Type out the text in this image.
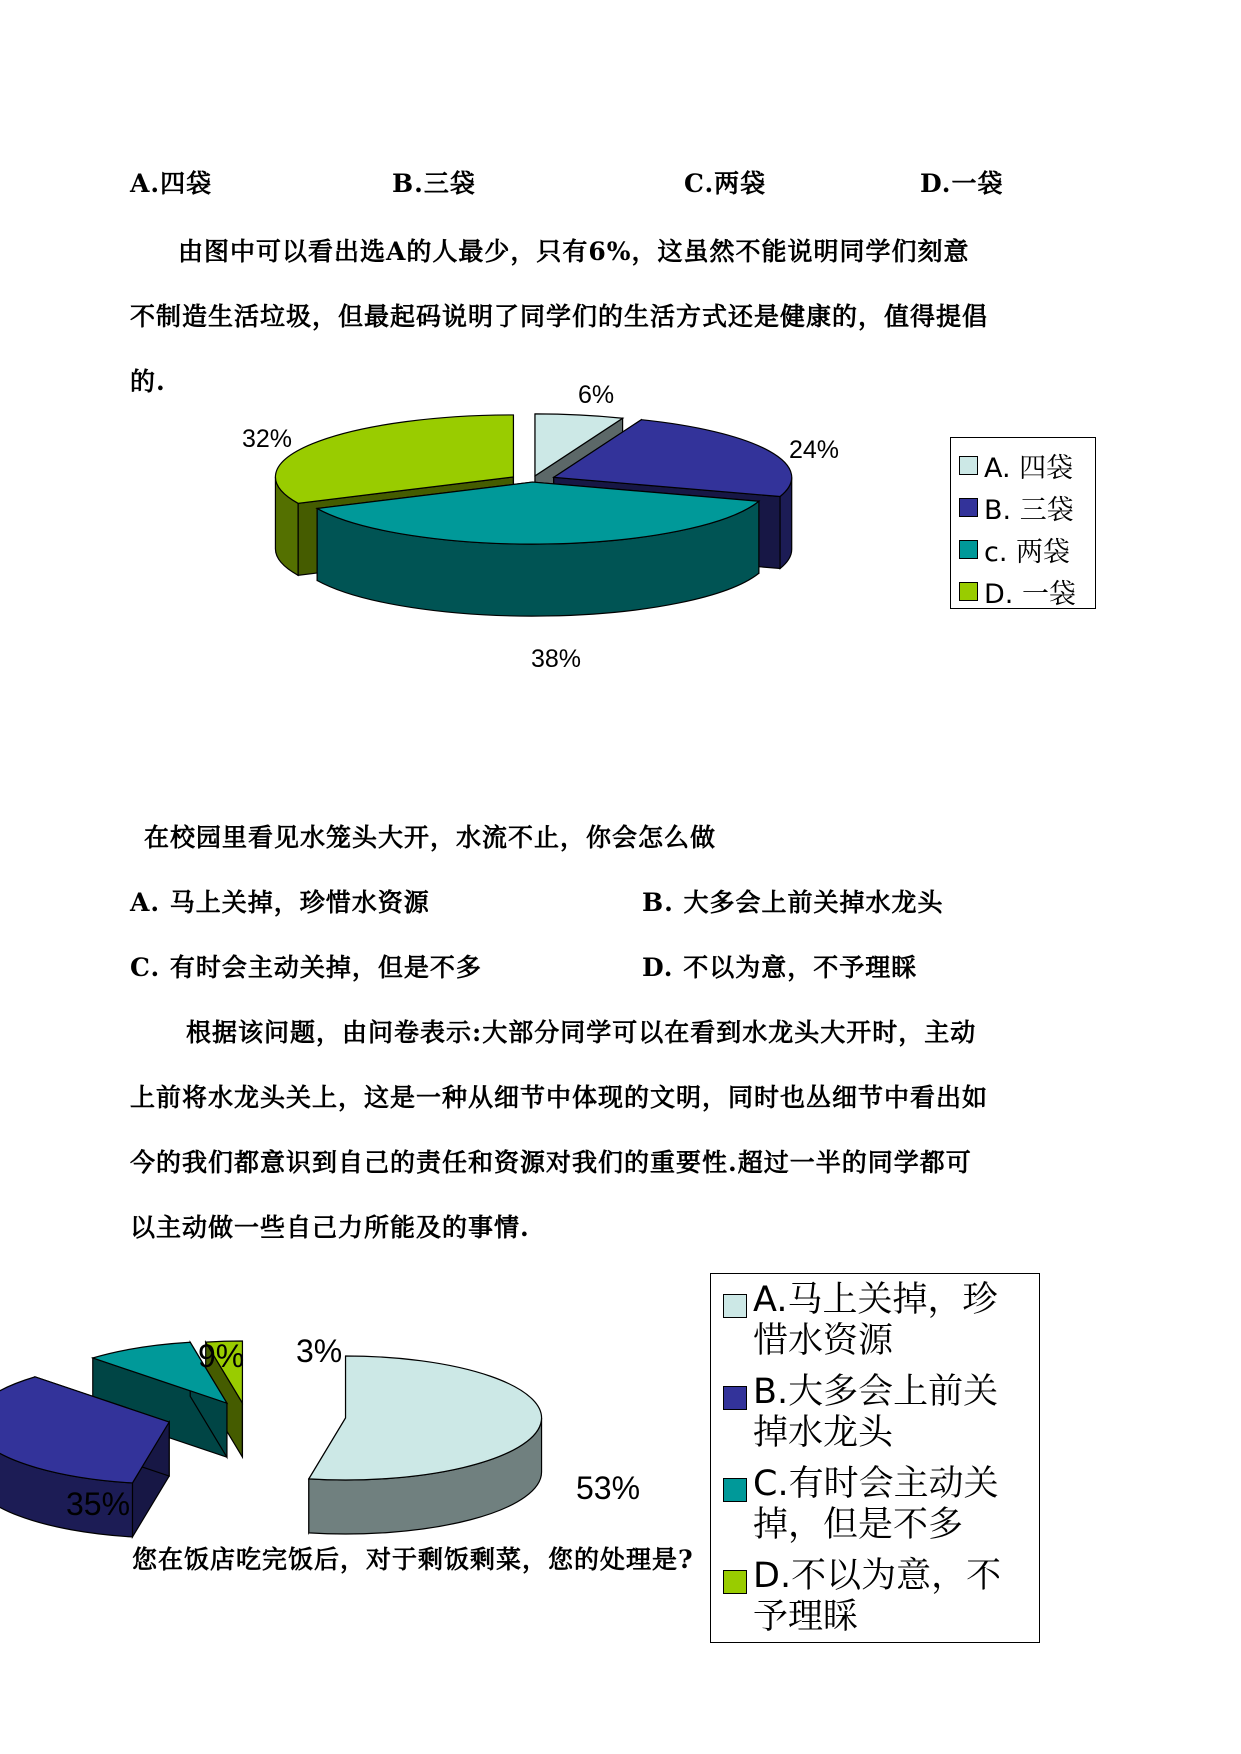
A.四袋	B.三袋	C.两袋	D.一袋
由图中可以看出选A的人最少，只有6%，这虽然不能说明同学们刻意
不制造生活垃圾，但最起码说明了同学们的生活方式还是健康的，值得提倡
的.	6%
24%
38%
32%
A. 四袋
B. 三袋
c. 两袋
D. 一袋
在校园里看见水笼头大开，水流不止，你会怎么做
A. 马上关掉，珍惜水资源	B. 大多会上前关掉水龙头
C. 有时会主动关掉，但是不多	D. 不以为意，不予理睬
根据该问题，由问卷表示:大部分同学可以在看到水龙头大开时，主动
上前将水龙头关上，这是一种从细节中体现的文明，同时也丛细节中看出如
今的我们都意识到自己的责任和资源对我们的重要性.超过一半的同学都可
以主动做一些自己力所能及的事情.
53%
35%
9% 3%
A.马上关掉，珍
惜水资源
B.大多会上前关
掉水龙头
C.有时会主动关
掉，但是不多
D.不以为意，不
予理睬
您在饭店吃完饭后，对于剩饭剩菜，您的处理是?
